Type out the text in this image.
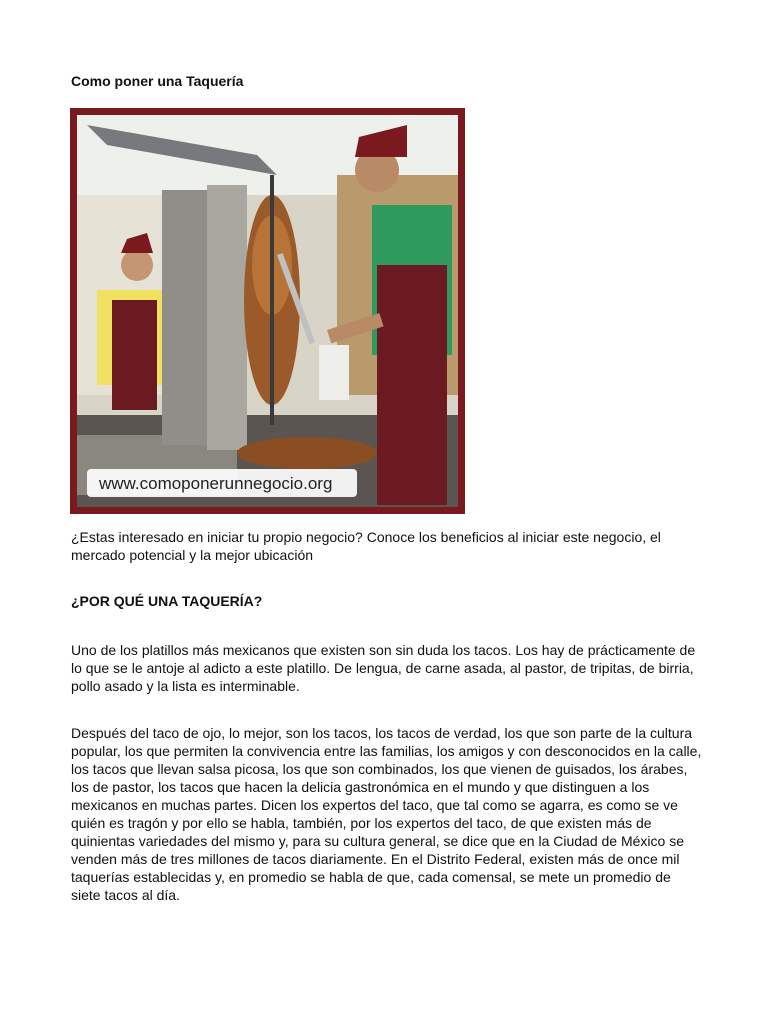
Como poner una Taquería
www.comoponerunnegocio.org

¿Estas interesado en iniciar tu propio negocio? Conoce los beneficios al iniciar este negocio, el mercado potencial y la mejor ubicación

¿POR QUÉ UNA TAQUERÍA?

Uno de los platillos más mexicanos que existen son sin duda los tacos. Los hay de prácticamente de lo que se le antoje al adicto a este platillo. De lengua, de carne asada, al pastor, de tripitas, de birria, pollo asado y la lista es interminable.

Después del taco de ojo, lo mejor, son los tacos, los tacos de verdad, los que son parte de la cultura popular, los que permiten la convivencia entre las familias, los amigos y con desconocidos en la calle, los tacos que llevan salsa picosa, los que son combinados, los que vienen de guisados, los árabes, los de pastor, los tacos que hacen la delicia gastronómica en el mundo y que distinguen a los mexicanos en muchas partes. Dicen los expertos del taco, que tal como se agarra, es como se ve quién es tragón y por ello se habla, también, por los expertos del taco, de que existen más de quinientas variedades del mismo y, para su cultura general, se dice que en la Ciudad de México se venden más de tres millones de tacos diariamente. En el Distrito Federal, existen más de once mil taquerías establecidas y, en promedio se habla de que, cada comensal, se mete un promedio de siete tacos al día.
